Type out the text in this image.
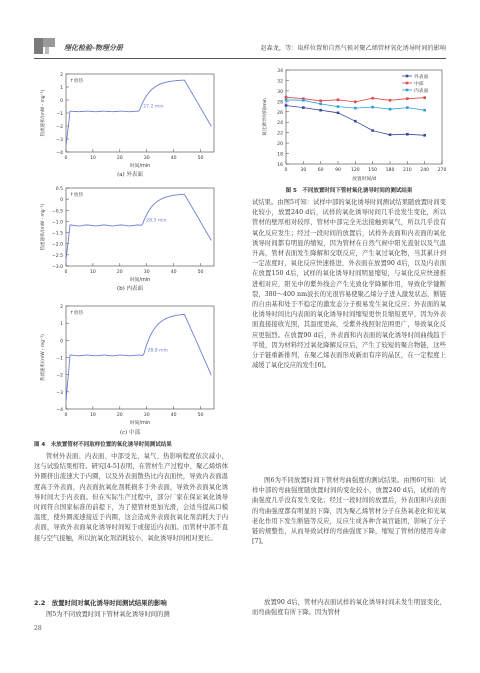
理化检验-物理分册	赵森龙，等：取样位置和自然气候对聚乙烯管材氧化诱导时间的影响
2
1
0
−1
−2
−3
−4
0	10	20	30	40	50
时间/min
热流速率/(mW・mg⁻¹)
↑放热
27.2 min
(a) 外表面
0.5
0
−0.5
−1.0
−1.5
−2.0
−2.5
−3.0
0	10	20	30	40	50
时间/min
热流速率/(mW・mg⁻¹)
↑放热
28.3 min
(b) 内表面
2
1
0
−1
−2
−3
−4
0	10	20	30	40	50
时间/min
热流速率/(mW・mg⁻¹)
↑放热
28.8 min
(c) 中部
图 4　未放置管材不同取样位置的氧化诱导时间测试结果
管材外表面、内表面、中部受光、氧气、热影响程度依次减小，这与试验结果相符。研究[4-5]表明，在管材生产过程中，聚乙烯熔体外圈挤出流速大于内圈，以及外表面散热比内表面快，导致内表面温度高于外表面，内表面抗氧化剂耗损多于外表面，导致外表面氧化诱导时间大于内表面。但在实际生产过程中，部分厂家在保证氧化诱导时间符合国家标准的前提下，为了使管材更加光滑，会适当提高口模温度，使外圈流速接近于内圈，这会造成外表面抗氧化剂消耗大于内表面，导致外表面氧化诱导时间短于或接近内表面。而管材中部不直接与空气接触，所以抗氧化剂消耗较小，氧化诱导时间相对更长。
2.2　放置时间对氧化诱导时间测试结果的影响
图5为不同放置时间下管材氧化诱导时间的测
16
18
20
22
24
26
28
30
32
34
0	30 60 90 120 150 180 210 240 270
放置时间/d
氧化诱导时间/min
外表面
中部
内表面
图 5　不同放置时间下管材氧化诱导时间的测试结果
试结果。由图5可知：试样中部的氧化诱导时间测试结果随放置时间变化较小，放置240 d后，试样的氧化诱导时间几乎没发生变化，所以管材的壁厚相对较厚，管材中部完全无法接触到氧气，所以几乎没有氧化反应发生；经过一段时间的放置后，试样外表面和内表面的氧化诱导时间都有明显的缩短，因为管材在自然气候中阳光直射以及气温升高，管材表面发生降解和交联反应，产生氧过氧化物，当其累计到一定浓度时，氧化反应快速推进，外表面在放置90 d后，以及内表面在放置150 d后，试样的氧化诱导时间明显缩短，与氧化反应快速推进相对应，阳光中的紫外线会产生光致化学降解作用，导致化学键断裂，380～400 nm波长的光很容易使聚乙烯分子进入激发状态，断链的自由基和处于不稳定的激发态分子极易发生氧化反应；外表面的氧化诱导时间比内表面的氧化诱导时间缩短更快且缩短更早，因为外表面直接接收光照，其温度更高，受紫外线照射范围更广，导致氧化反应更强烈。在放置90 d后，外表面和内表面的氧化诱导时间曲线趋于平缓，因为材料经过氧化降解反应后，产生了较短的聚合物链，这些分子链重新排列，在聚乙烯表面形成新而有序的晶区，在一定程度上减缓了氧化反应的发生[6]。
图6为不同放置时间下管材弯曲强度的测试结果。由图6可知：试样中部的弯曲强度随放置时间的变化较小，放置240 d后，试样的弯曲强度几乎没有发生变化；经过一段时间的放置后，外表面和内表面的弯曲强度都有明显的下降，因为聚乙烯管材分子在热氧老化和光氧老化作用下发生断链等反应，反应生成各种含氧官能团，影响了分子链的规整性，从而导致试样的弯曲强度下降，缩短了管材的使用寿命[7]。
放置90 d后，管材内表面试样的氧化诱导时间未发生明显变化，而弯曲强度有所下降。因为管材
28
